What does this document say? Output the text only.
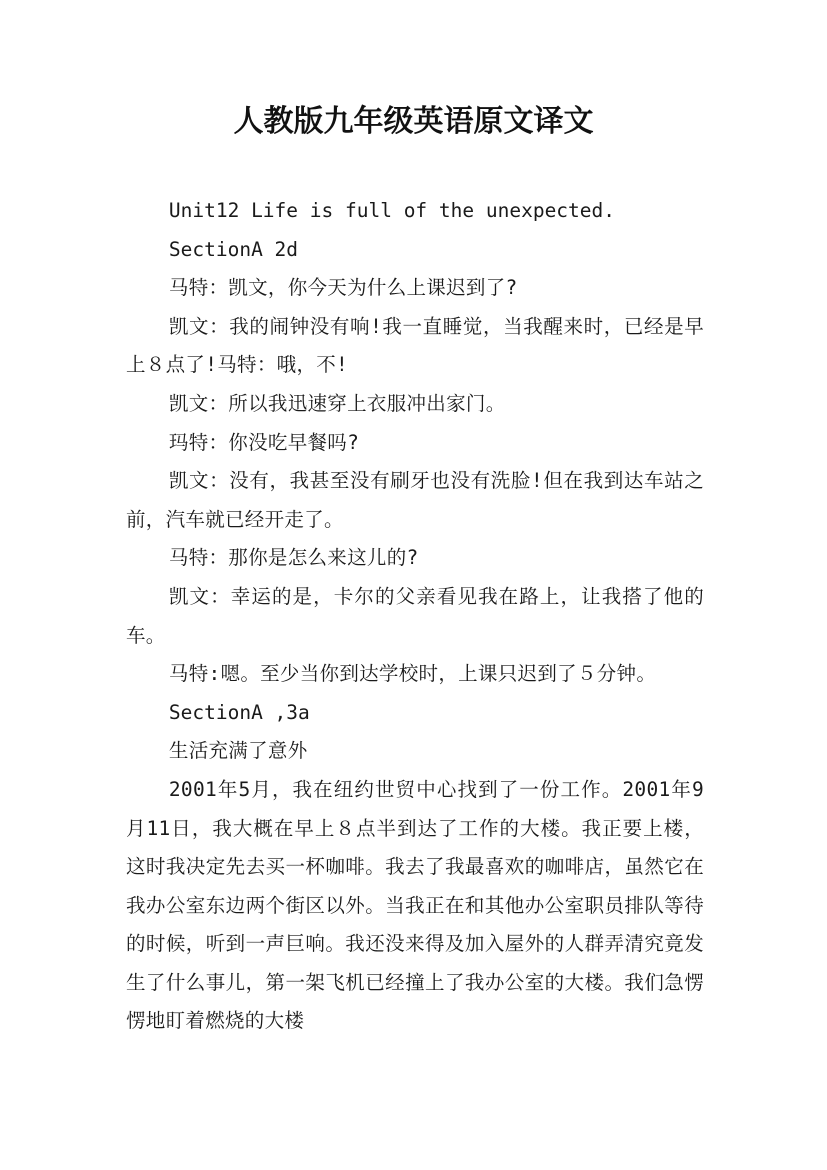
人教版九年级英语原文译文

Unit12 Life is full of the unexpected.

SectionA 2d

马特：凯文，你今天为什么上课迟到了?

凯文：我的闹钟没有响!我一直睡觉，当我醒来时，已经是早上８点了!马特：哦，不!

凯文：所以我迅速穿上衣服冲出家门。

玛特：你没吃早餐吗?

凯文：没有，我甚至没有刷牙也没有洗脸!但在我到达车站之前，汽车就已经开走了。

马特：那你是怎么来这儿的?

凯文：幸运的是，卡尔的父亲看见我在路上，让我搭了他的车。

马特:嗯。至少当你到达学校时，上课只迟到了５分钟。

SectionA ,3a

生活充满了意外

2001年5月，我在纽约世贸中心找到了一份工作。2001年9月11日，我大概在早上８点半到达了工作的大楼。我正要上楼，这时我决定先去买一杯咖啡。我去了我最喜欢的咖啡店，虽然它在我办公室东边两个街区以外。当我正在和其他办公室职员排队等待的时候，听到一声巨响。我还没来得及加入屋外的人群弄清究竟发生了什么事儿，第一架飞机已经撞上了我办公室的大楼。我们急愣愣地盯着燃烧的大楼
